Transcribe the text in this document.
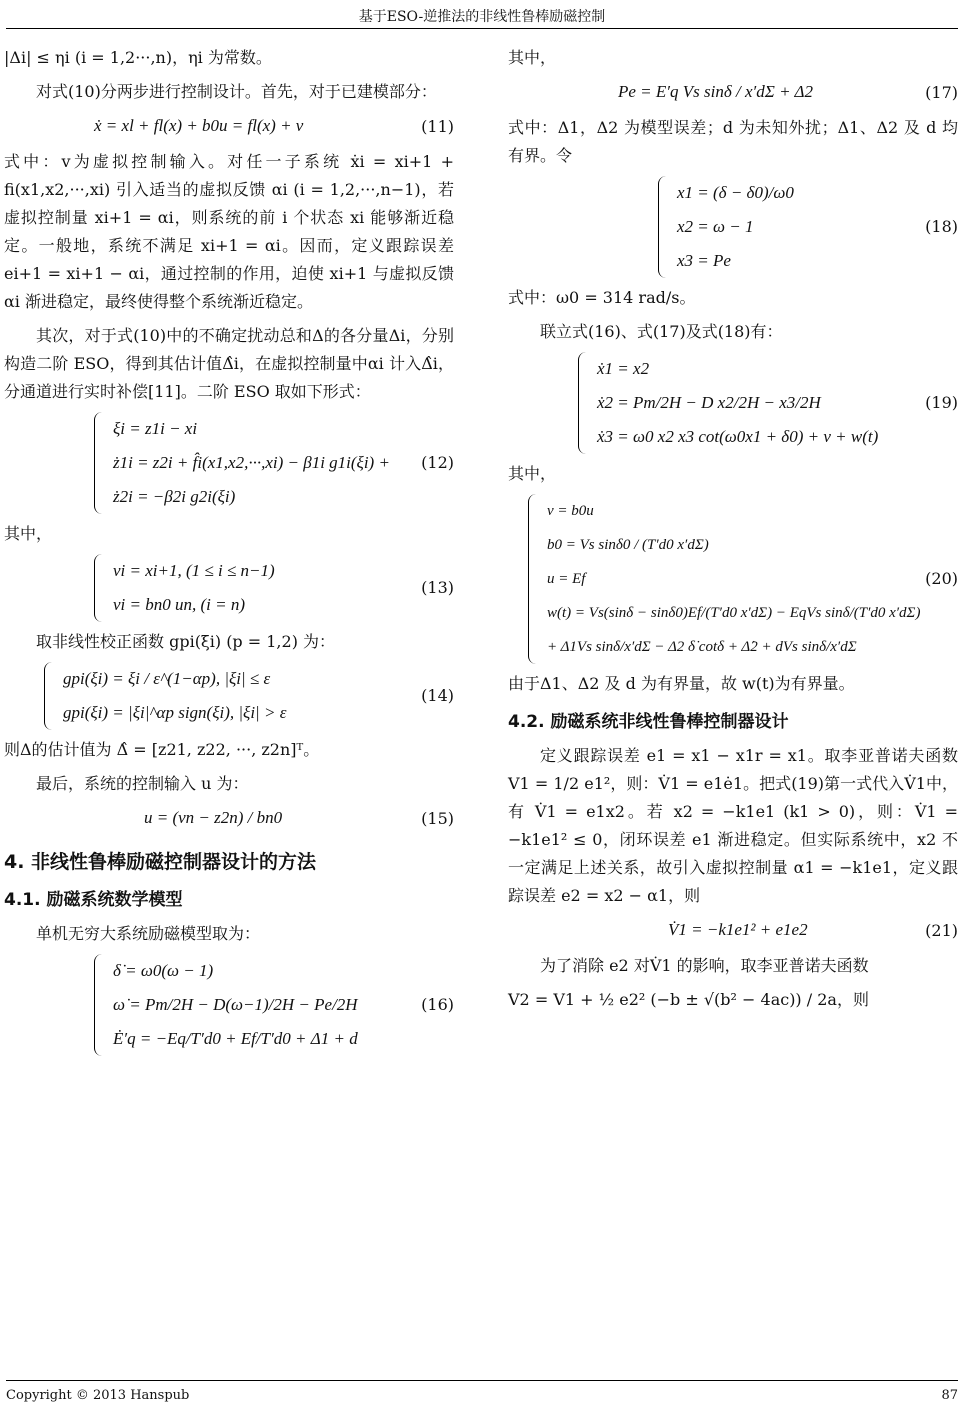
基于ESO-逆推法的非线性鲁棒励磁控制

|Δi| ≤ ηi (i = 1,2···,n)，ηi 为常数。

对式(10)分两步进行控制设计。首先，对于已建模部分：

ẋ = xl + fl(x) + b0u = fl(x) + v	(11)

式中：v为虚拟控制输入。对任一子系统 ẋi = xi+1 + fi(x1,x2,···,xi) 引入适当的虚拟反馈 αi (i = 1,2,···,n−1)，若虚拟控制量 xi+1 = αi，则系统的前 i 个状态 xi 能够渐近稳定。一般地，系统不满足 xi+1 = αi。因而，定义跟踪误差 ei+1 = xi+1 − αi，通过控制的作用，迫使 xi+1 与虚拟反馈 αi 渐进稳定，最终使得整个系统渐近稳定。

其次，对于式(10)中的不确定扰动总和Δ的各分量Δi，分别构造二阶 ESO，得到其估计值Δ̂i，在虚拟控制量中αi 计入Δ̂i，分通道进行实时补偿[11]。二阶 ESO 取如下形式：

ξi = z1i − xi
ż1i = z2i + f̂i(x1,x2,···,xi) − β1i g1i(ξi) +
ż2i = −β2i g2i(ξi)
(12)

其中，

vi = xi+1, (1 ≤ i ≤ n−1)
vi = bn0 un, (i = n)
(13)

取非线性校正函数 gpi(ξi) (p = 1,2) 为：

gpi(ξi) = ξi / ε^(1−αp), |ξi| ≤ ε
gpi(ξi) = |ξi|^αp sign(ξi), |ξi| > ε
(14)

则Δ的估计值为 Δ̂ = [z21, z22, ···, z2n]ᵀ。

最后，系统的控制输入 u 为：

u = (vn − z2n) / bn0	(15)
4. 非线性鲁棒励磁控制器设计的方法
4.1. 励磁系统数学模型

单机无穷大系统励磁模型取为：

δ̇ = ω0(ω − 1)
ω̇ = Pm/2H − D(ω−1)/2H − Pe/2H
Ė′q = −Eq/T′d0 + Ef/T′d0 + Δ1 + d
(16)

其中，

Pe = E′q Vs sinδ / x′dΣ + Δ2	(17)

式中：Δ1，Δ2 为模型误差；d 为未知外扰；Δ1、Δ2 及 d 均有界。令

x1 = (δ − δ0)/ω0
x2 = ω − 1
x3 = Pe
(18)

式中：ω0 = 314 rad/s。

联立式(16)、式(17)及式(18)有：

ẋ1 = x2
ẋ2 = Pm/2H − D x2/2H − x3/2H
ẋ3 = ω0 x2 x3 cot(ω0x1 + δ0) + v + w(t)
(19)

其中，

v = b0u
b0 = Vs sinδ0 / (T′d0 x′dΣ)
u = Ef
w(t) = Vs(sinδ − sinδ0)Ef/(T′d0 x′dΣ) − EqVs sinδ/(T′d0 x′dΣ)
+ Δ1Vs sinδ/x′dΣ − Δ2 δ̇ cotδ + Δ̇2 + dVs sinδ/x′dΣ
(20)

由于Δ1、Δ2 及 d 为有界量，故 w(t)为有界量。

4.2. 励磁系统非线性鲁棒控制器设计

定义跟踪误差 e1 = x1 − x1r = x1。取李亚普诺夫函数 V1 = 1/2 e1²，则：V̇1 = e1ė1。把式(19)第一式代入V̇1中，有 V̇1 = e1x2。若 x2 = −k1e1 (k1 > 0)，则：V̇1 = −k1e1² ≤ 0，闭环误差 e1 渐进稳定。但实际系统中，x2 不一定满足上述关系，故引入虚拟控制量 α1 = −k1e1，定义跟踪误差 e2 = x2 − α1，则

V̇1 = −k1e1² + e1e2	(21)

为了消除 e2 对V̇1 的影响，取李亚普诺夫函数

V2 = V1 + ½ e2² (−b ± √(b² − 4ac)) / 2a，则

Copyright © 2013 Hanspub	87
